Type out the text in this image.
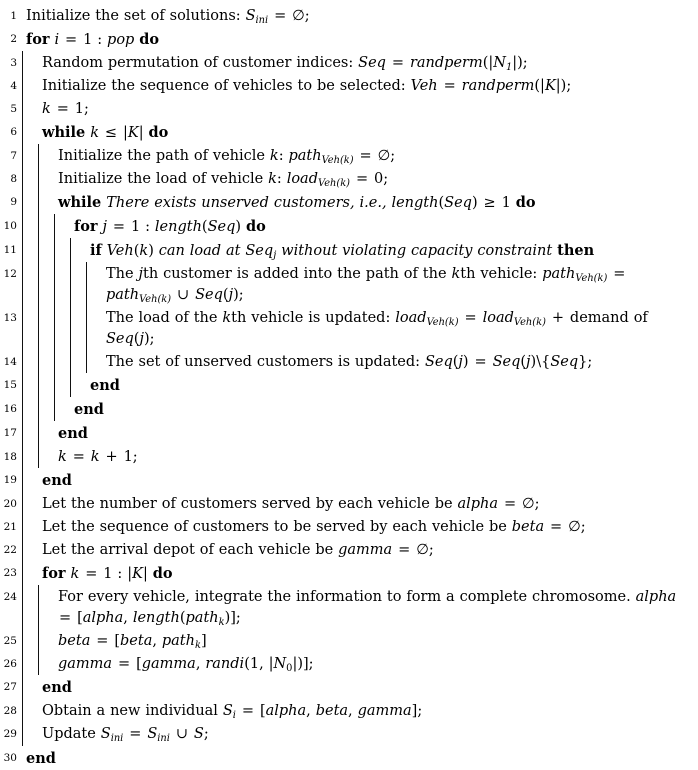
1 Initialize the set of solutions: $S_{ini}$ = ∅;
2 for i = 1 : pop do
3	Random permutation of customer indices: Seq = $randperm(|N_1|)$;
4	Initialize the sequence of vehicles to be selected: Veh = randperm(|K|);
5	k = 1;
6	while k ≤ |K| do
7	Initialize the path of vehicle k: path$_{Veh(k)}$ = ∅;
8	Initialize the load of vehicle k: load$_{Veh(k)}$ = 0;
9	while There exists unserved customers, i.e., length(Seq) ≥ 1 do
10	for j = 1 : length(Seq) do
11	if Veh(k) can load at Seq$_j$ without violating capacity constraint then
12	The jth customer is added into the path of the kth vehicle: path$_{Veh(k)}$ = path$_{Veh(k)}$ ∪ Seq(j);
13	The load of the kth vehicle is updated: load$_{Veh(k)}$ = load$_{Veh(k)}$ + demand of Seq(j);
14	The set of unserved customers is updated: Seq(j) = Seq(j)\{Seq};
15	end
16	end
17	end
18	k = k + 1;
19	end
20	Let the number of customers served by each vehicle be alpha = ∅;
21	Let the sequence of customers to be served by each vehicle be beta = ∅;
22	Let the arrival depot of each vehicle be gamma = ∅;
23	for k = 1 : |K| do
24	For every vehicle, integrate the information to form a complete chromosome. alpha = [alpha, length(path$_k$)];
25	beta = [beta, path$_k$]
26	gamma = [gamma, randi(1, $|N_0|$)];
27	end
28	Obtain a new individual $S_i$ = [alpha, beta, gamma];
29	Update $S_{ini} = S_{ini}$ ∪ S;
30 end
